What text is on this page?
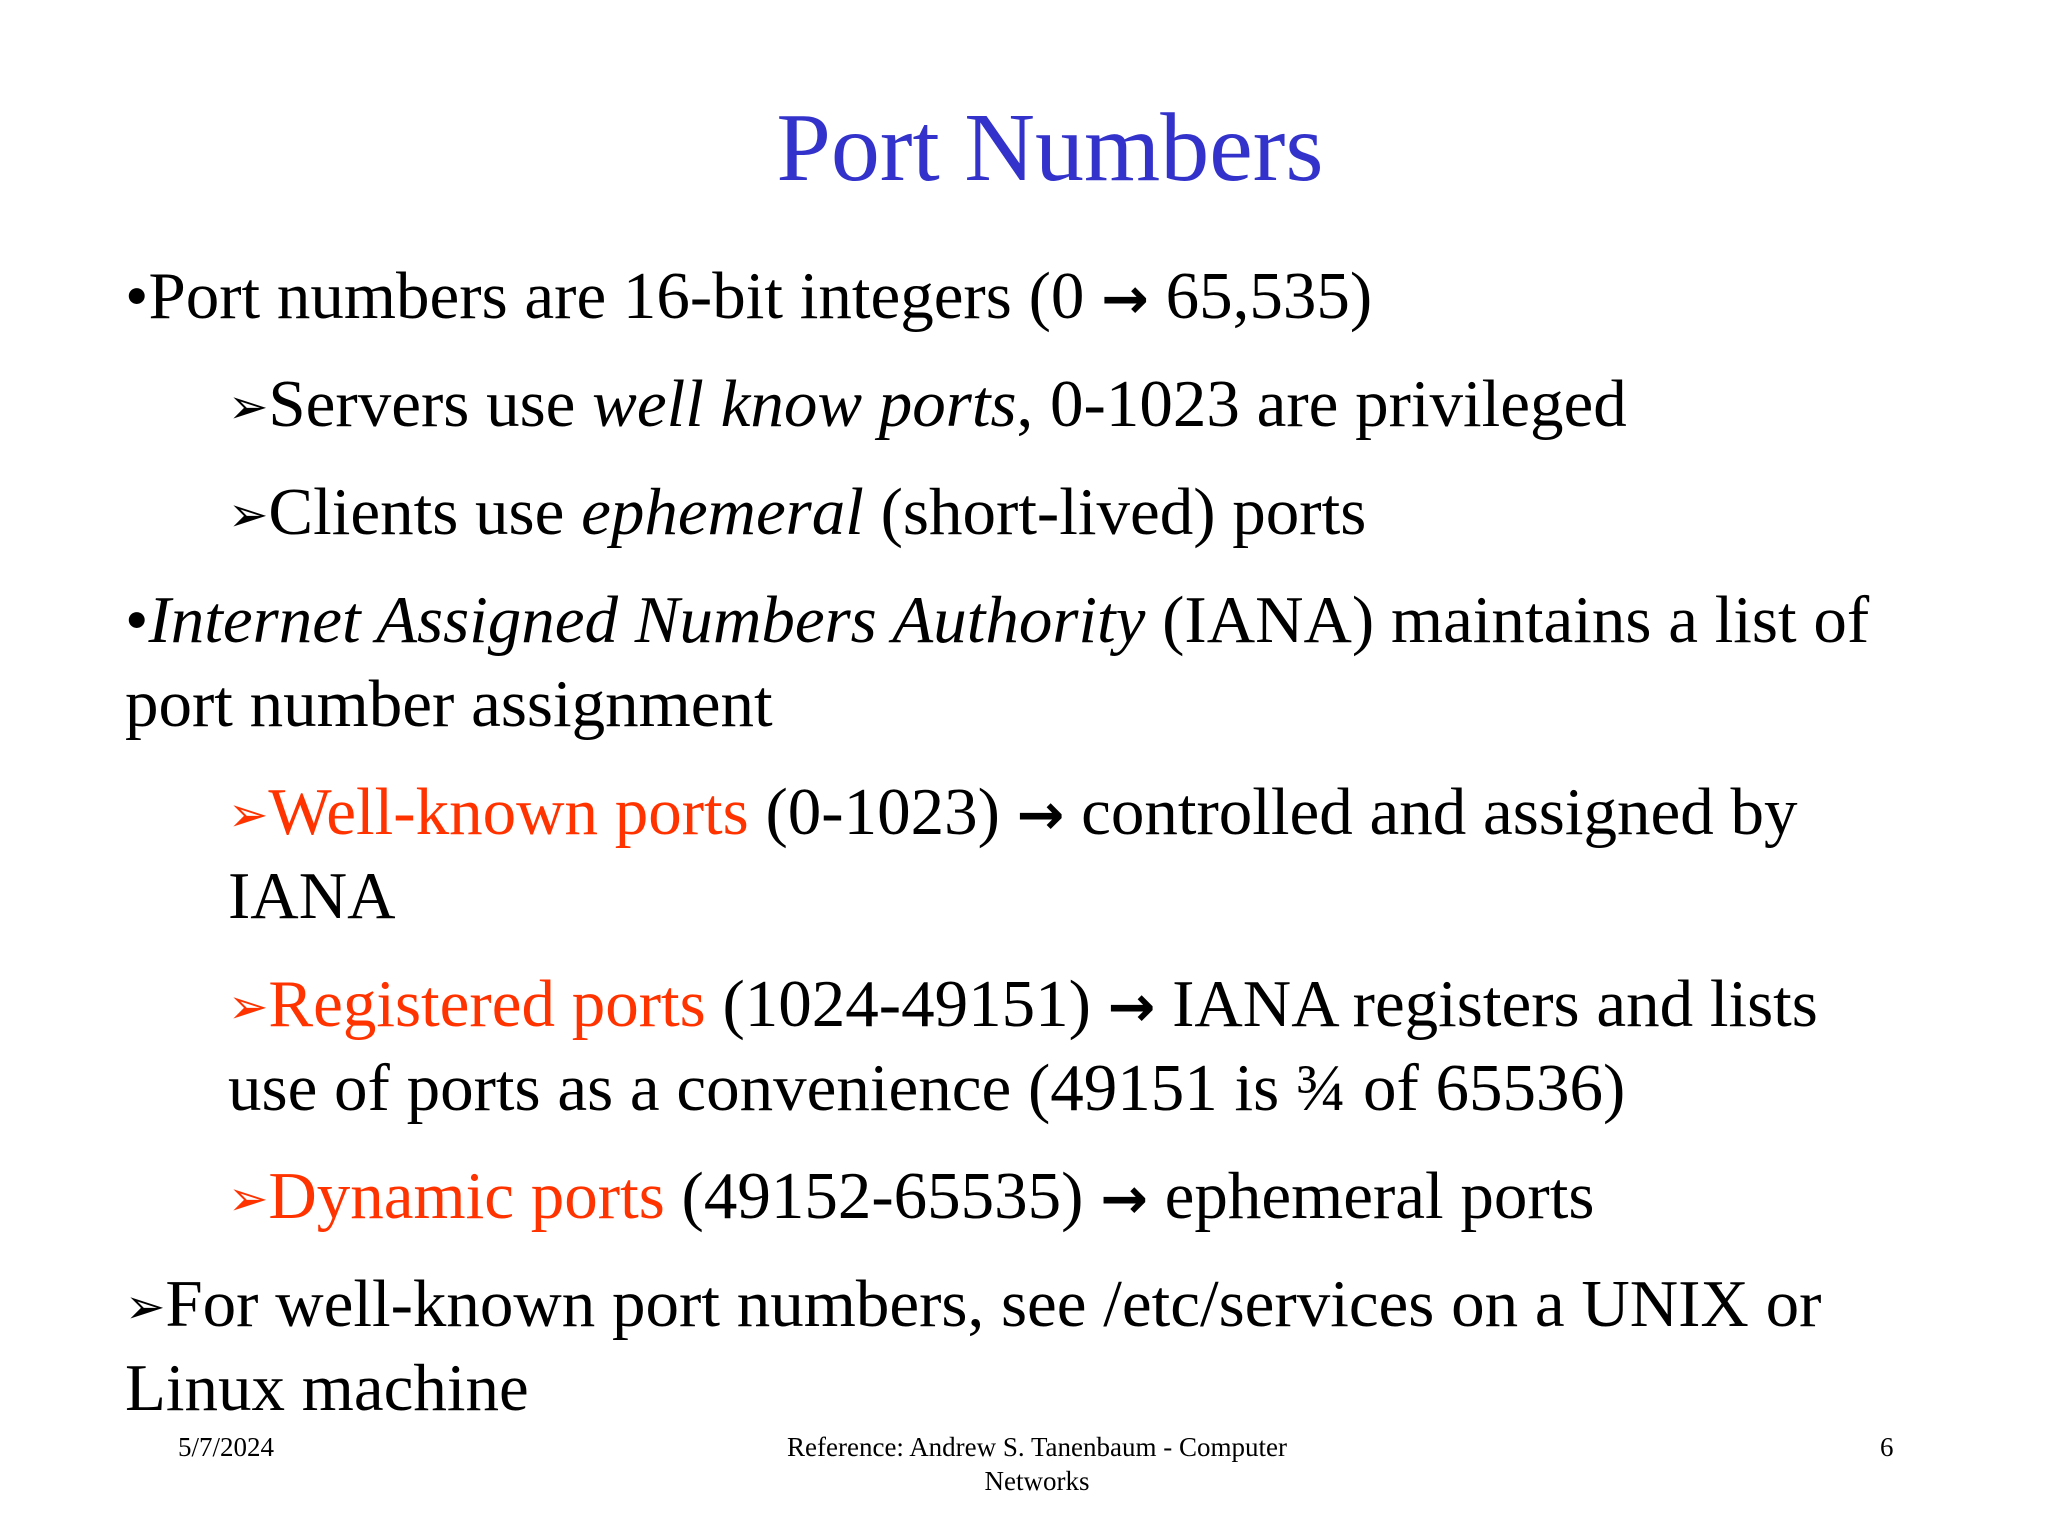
Port Numbers
•Port numbers are 16-bit integers (0 → 65,535)
➢Servers use well know ports, 0-1023 are privileged
➢Clients use ephemeral (short-lived) ports
•Internet Assigned Numbers Authority (IANA) maintains a list of
port number assignment
➢Well-known ports (0-1023) → controlled and assigned by
IANA
➢Registered ports (1024-49151) → IANA registers and lists
use of ports as a convenience (49151 is ¾ of 65536)
➢Dynamic ports (49152-65535) → ephemeral ports
➢For well-known port numbers, see /etc/services on a UNIX or
Linux machine
5/7/2024	Reference: Andrew S. Tanenbaum - Computer Networks
6
